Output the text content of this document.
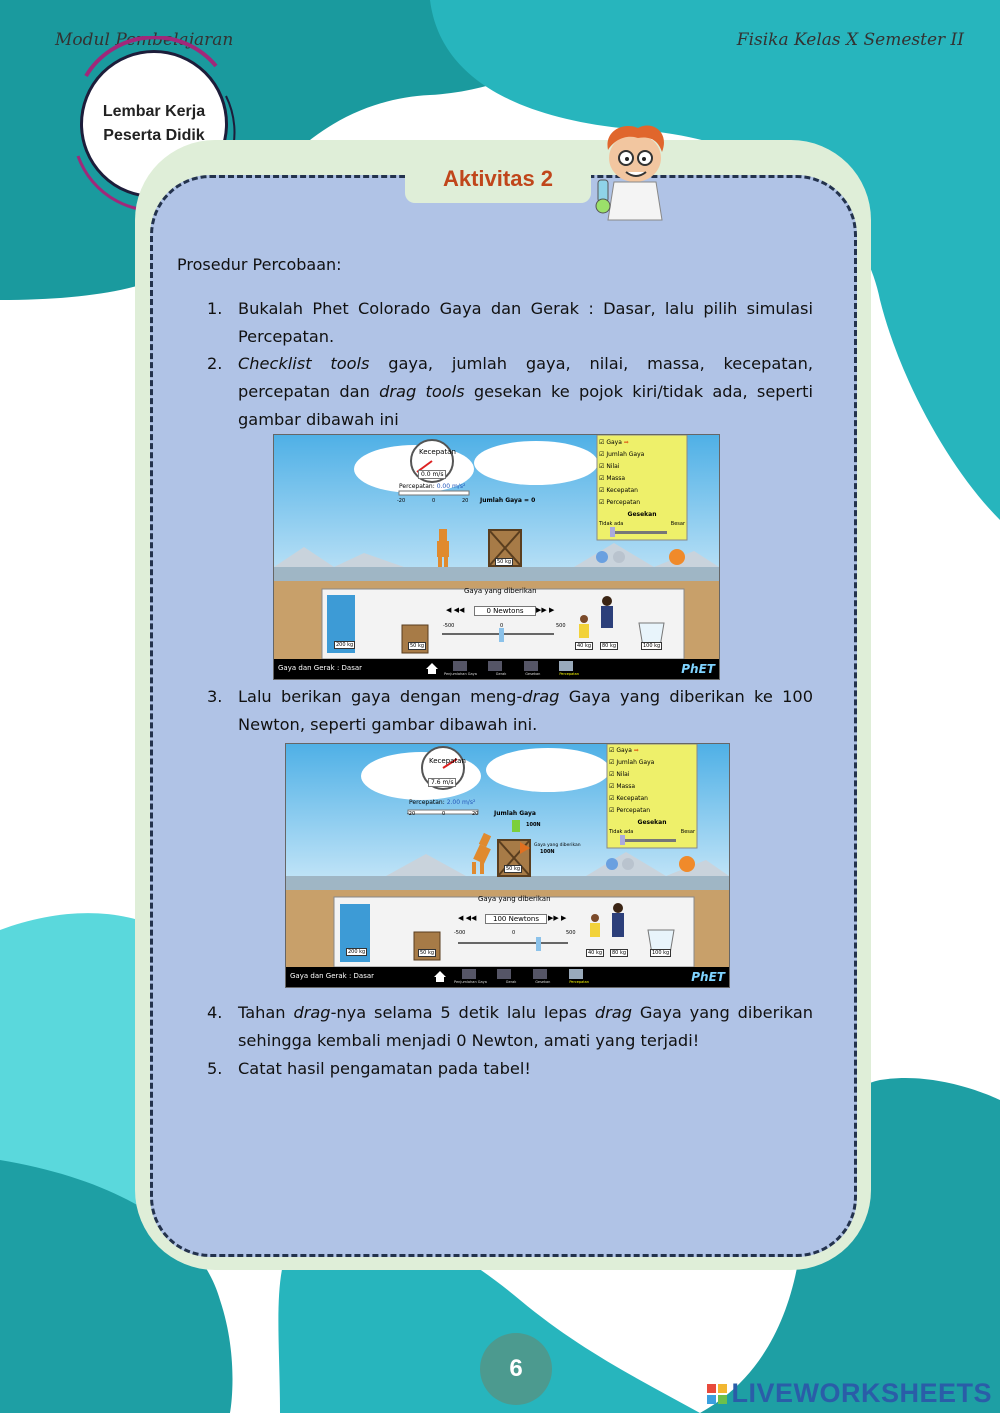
Modul Pembelajaran	Fisika Kelas X Semester II
Lembar Kerja
Peserta Didik
Aktivitas 2
Prosedur Percobaan:
1. Bukalah Phet Colorado Gaya dan Gerak : Dasar, lalu pilih simulasi
Percepatan.
2. Checklist tools gaya, jumlah gaya, nilai, massa, kecepatan,
percepatan dan drag tools gesekan ke pojok kiri/tidak ada, seperti
gambar dibawah ini
Kecepatan
0.0 m/s
Percepatan: 0.00 m/s²
-20	0	20 Jumlah Gaya = 0
50 kg
☑ Gaya ➡
☑ Jumlah Gaya
☑ Nilai
☑ Massa
☑ Kecepatan
☑ Percepatan
Gesekan
Tidak ada	Besar
Gaya yang diberikan
0 Newtons
◀ ◀◀	▶▶ ▶
-500	0	500
200 kg	50 kg	40 kg	80 kg	100 kg
Gaya dan Gerak : Dasar
Penjumlahan Gaya	Gerak	Gesekan	Percepatan	PhET
3. Lalu berikan gaya dengan meng-drag Gaya yang diberikan ke 100
Newton, seperti gambar dibawah ini.
Kecepatan
7.6 m/s
Percepatan: 2.00 m/s²
-20	0	20	Jumlah Gaya
100N
Gaya yang diberikan
100N
50 kg
☑ Gaya ➡
☑ Jumlah Gaya
☑ Nilai
☑ Massa
☑ Kecepatan
☑ Percepatan
Gesekan
Tidak ada	Besar
Gaya yang diberikan
100 Newtons
◀ ◀◀	▶▶ ▶
-500	0	500
200 kg	50 kg	40 kg	80 kg	100 kg
Gaya dan Gerak : Dasar
Penjumlahan Gaya	Gerak	Gesekan	Percepatan	PhET
4. Tahan drag-nya selama 5 detik lalu lepas drag Gaya yang diberikan
sehingga kembali menjadi 0 Newton, amati yang terjadi!
5. Catat hasil pengamatan pada tabel!
6
LIVEWORKSHEETS
